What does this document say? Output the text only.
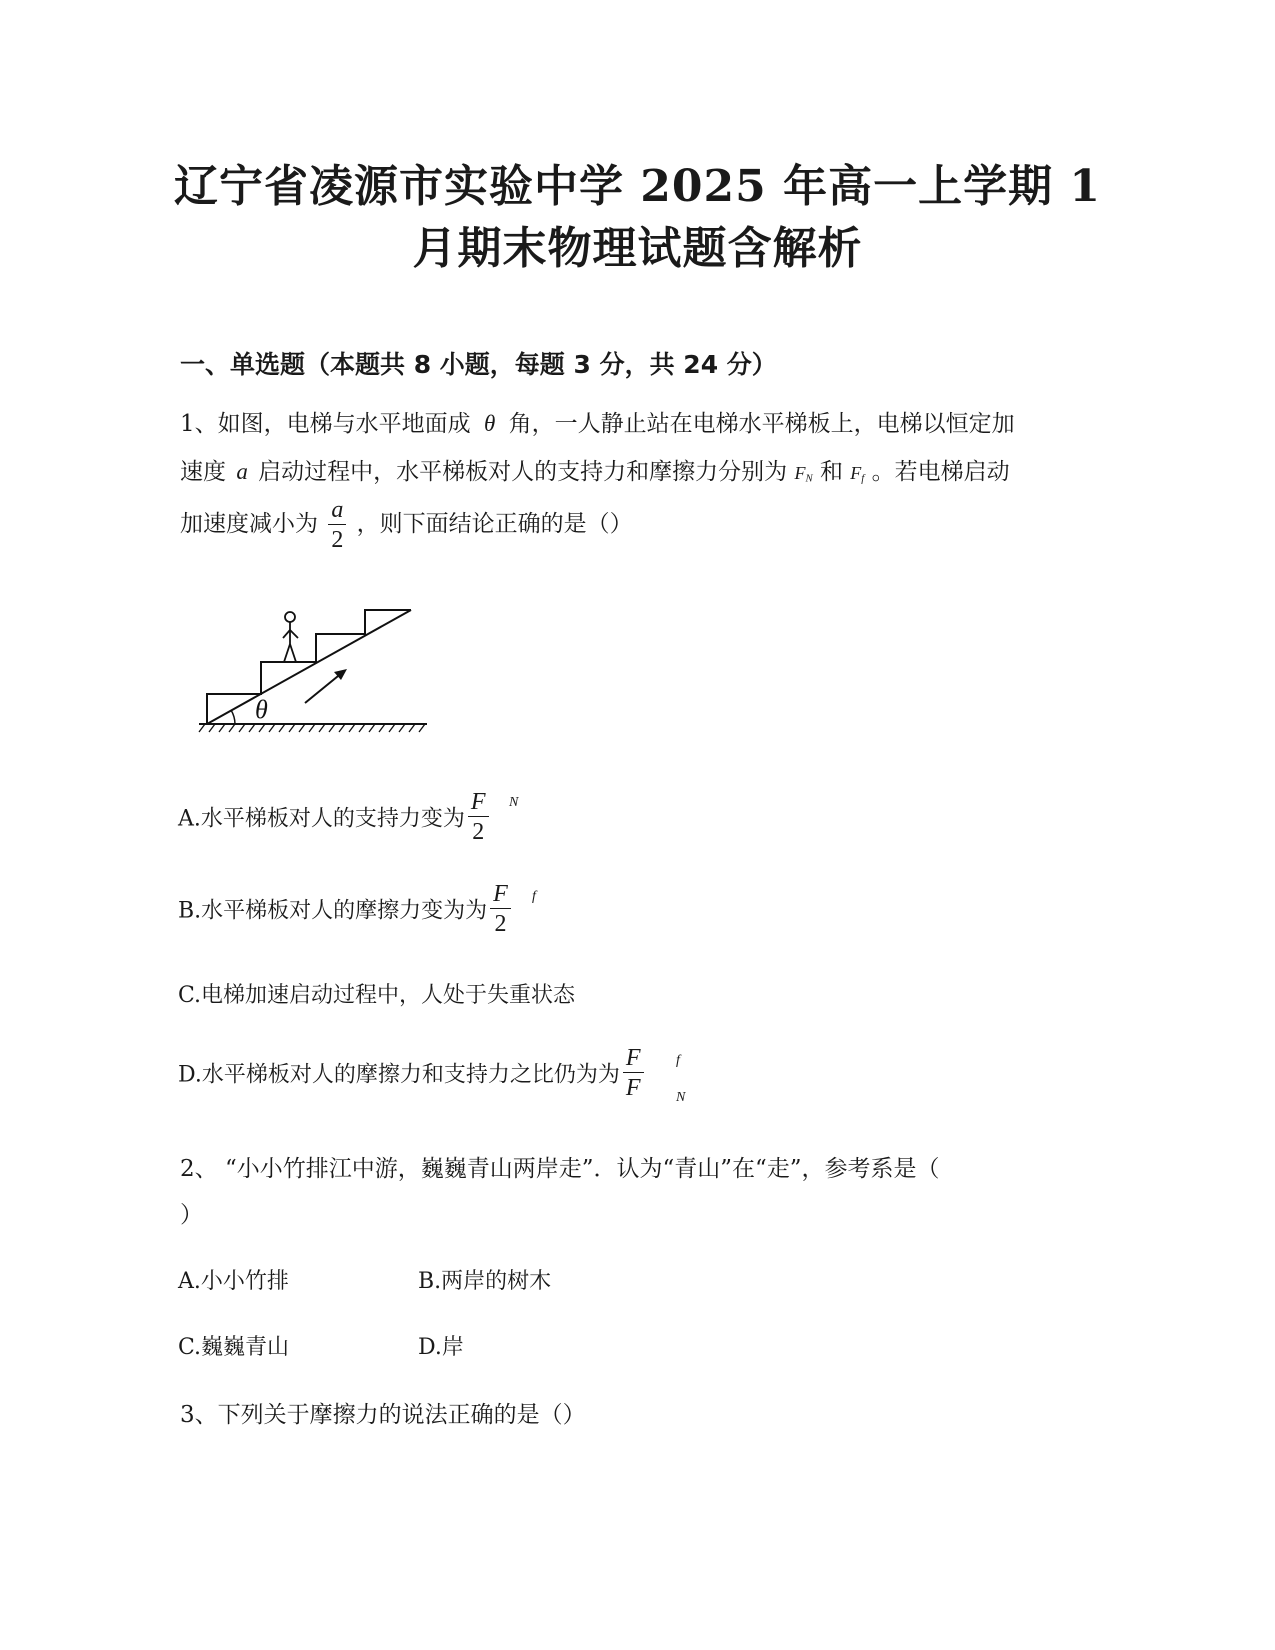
辽宁省凌源市实验中学 2025 年高一上学期 1
月期末物理试题含解析
一、单选题（本题共 8 小题，每题 3 分，共 24 分）
1、如图，电梯与水平地面成 θ 角，一人静止站在电梯水平梯板上，电梯以恒定加
速度 a 启动过程中，水平梯板对人的支持力和摩擦力分别为 $F_N$ 和 $F_f$ 。若电梯启动
加速度减小为 $\frac{a}{2}$ ，则下面结论正确的是（）
θ
A.水平梯板对人的支持力变为 $\frac{F}{2}$ N
B.水平梯板对人的摩擦力变为为 $\frac{F}{2}$ f
C.电梯加速启动过程中，人处于失重状态
D.水平梯板对人的摩擦力和支持力之比仍为为 $\frac{F}{F}$ f
N
2、 “小小竹排江中游，巍巍青山两岸走”．认为“青山”在“走”，参考系是（
）
A.小小竹排	B.两岸的树木
C.巍巍青山	D.岸
3、下列关于摩擦力的说法正确的是（）
